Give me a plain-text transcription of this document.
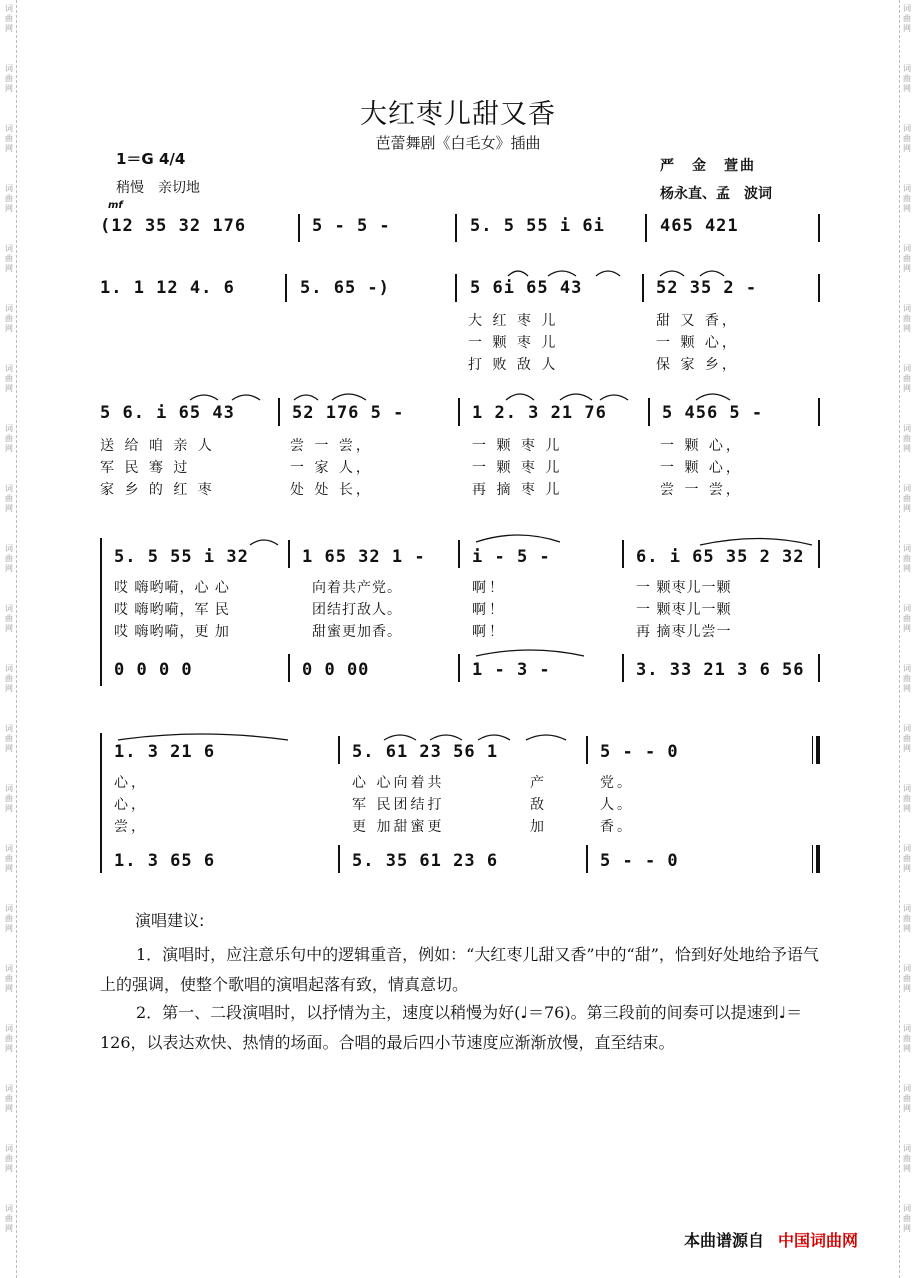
词曲网
词曲网
词曲网
词曲网
词曲网
词曲网
词曲网
词曲网
词曲网
词曲网
词曲网
词曲网
词曲网
词曲网
词曲网
词曲网
词曲网
词曲网
词曲网
词曲网
词曲网
词曲网
词曲网
词曲网
词曲网
词曲网
词曲网
词曲网
词曲网
词曲网
词曲网
词曲网
词曲网
词曲网
词曲网
词曲网
词曲网
词曲网
词曲网
词曲网
词曲网
词曲网
大红枣儿甜又香
芭蕾舞剧《白毛女》插曲
1＝G 4/4
稍慢　亲切地
严　金　萱曲
杨永直、孟　波词
mf
(12 35 32 176	5 - 5 -	5. 5 55 i 6i	465 421
1. 1 12 4. 6	5. 65 -)	5 6i 65 43	52 35 2 -
大 红 枣 儿	甜 又 香，
一 颗 枣 儿	一 颗 心，
打 败 敌 人	保 家 乡，
5 6. i 65 43	52 176 5 -	1 2. 3 21 76	5 456 5 -
送 给 咱 亲 人	尝 一 尝，	一 颗 枣 儿	一 颗 心，
军 民 骞 过	一 家 人，	一 颗 枣 儿	一 颗 心，
家 乡 的 红 枣	处 处 长，	再 摘 枣 儿	尝 一 尝，
5. 5 55 i 32	1 65 32 1 -	i - 5 -	6. i 65 35 2 32
哎 嗨哟嗬，心 心	向着共产党。	啊！	一 颗枣儿一颗
哎 嗨哟嗬，军 民	团结打敌人。	啊！	一 颗枣儿一颗
哎 嗨哟嗬，更 加	甜蜜更加香。	啊！	再 摘枣儿尝一
0 0 0 0	0 0 00	1 - 3 -	3. 33 21 3 6 56
1. 3 21 6	5. 61 23 56 1	5 - - 0
心，	心 心向着共	产	党。
心，	军 民团结打	敌	人。
尝，	更 加甜蜜更	加	香。
1. 3 65 6	5. 35 61 23 6	5 - - 0
演唱建议:
1．演唱时，应注意乐句中的逻辑重音，例如：“大红枣儿甜又香”中的“甜”，恰到好处地给予语气上的强调，使整个歌唱的演唱起落有致，情真意切。
2．第一、二段演唱时，以抒情为主，速度以稍慢为好(♩＝76)。第三段前的间奏可以提速到♩＝126，以表达欢快、热情的场面。合唱的最后四小节速度应渐渐放慢，直至结束。
本曲谱源自 中国词曲网
